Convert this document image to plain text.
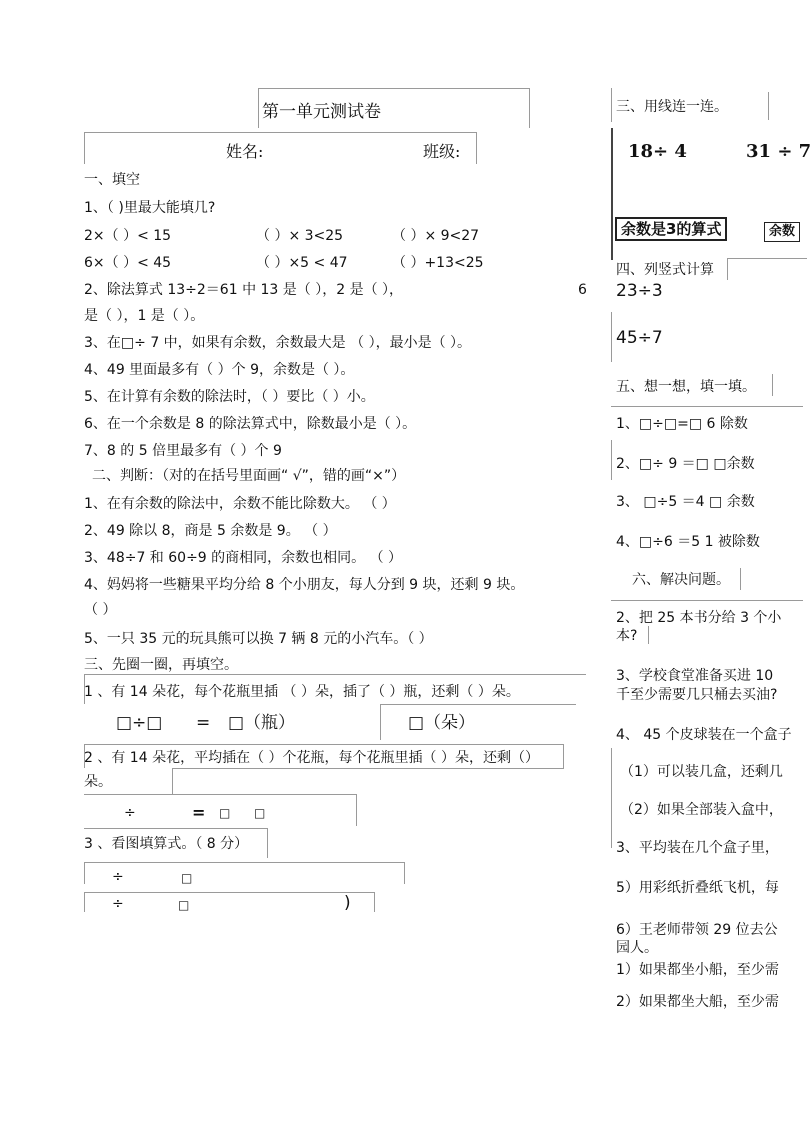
第一单元测试卷
姓名:	班级:
一、填空
1、（ )里最大能填几?
2×（ ）< 15	（ ）× 3<25	（ ）× 9<27
6×（ ）< 45	（ ）×5 < 47	（ ）+13<25
2、除法算式 13÷2＝61 中 13 是（ ），2 是（ ），	6
是（ ），1 是（ ）。
3、在□÷ 7 中，如果有余数，余数最大是 （ ），最小是（ ）。
4、49 里面最多有（ ）个 9，余数是（ ）。
5、在计算有余数的除法时，（ ）要比（ ）小。
6、在一个余数是 8 的除法算式中，除数最小是（ ）。
7、8 的 5 倍里最多有（ ）个 9
二、判断：（对的在括号里面画“ √”，错的画“×”）
1、在有余数的除法中，余数不能比除数大。 （ ）
2、49 除以 8，商是 5 余数是 9。 （ ）
3、48÷7 和 60÷9 的商相同，余数也相同。 （ ）
4、妈妈将一些糖果平均分给 8 个小朋友，每人分到 9 块，还剩 9 块。
（ ）
5、一只 35 元的玩具熊可以换 7 辆 8 元的小汽车。（ ）
三、先圈一圈，再填空。
1 、有 14 朵花，每个花瓶里插 （ ）朵，插了（ ）瓶，还剩（ ）朵。
□÷□ = □（瓶）	□（朵）
2 、有 14 朵花，平均插在（ ）个花瓶，每个花瓶里插（ ）朵，还剩（）
朵。
÷	= □ □
3 、看图填算式。（ 8 分）
÷	□
÷	□	)
三、用线连一连。
18÷ 4	31 ÷ 7
余数是3的算式	余数
四、列竖式计算
23÷3
45÷7
五、想一想，填一填。
1、□÷□=□ 6 除数
2、□÷ 9 ＝□ □余数
3、 □÷5 ＝4 □ 余数
4、□÷6 ＝5 1 被除数
六、解决问题。
2、把 25 本书分给 3 个小
本?
3、学校食堂准备买进 10
千至少需要几只桶去买油?
4、 45 个皮球装在一个盒子
（1）可以装几盒，还剩几
（2）如果全部装入盒中，
3、平均装在几个盒子里，
5）用彩纸折叠纸飞机，每
6）王老师带领 29 位去公
园人。
1）如果都坐小船，至少需
2）如果都坐大船，至少需
